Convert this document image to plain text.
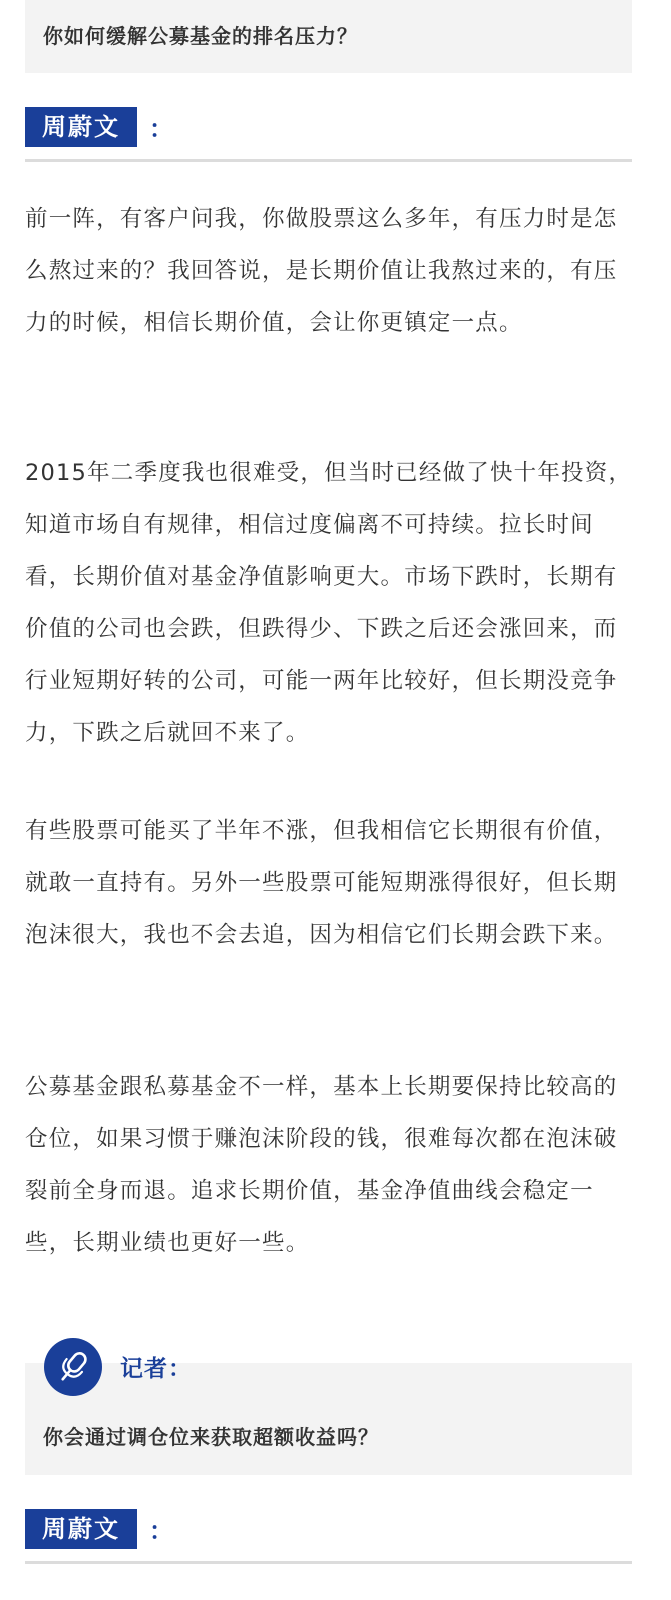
你如何缓解公募基金的排名压力？
周蔚文	：

前一阵，有客户问我，你做股票这么多年，有压力时是怎么熬过来的？我回答说，是长期价值让我熬过来的，有压力的时候，相信长期价值，会让你更镇定一点。

2015年二季度我也很难受，但当时已经做了快十年投资，知道市场自有规律，相信过度偏离不可持续。拉长时间看，长期价值对基金净值影响更大。市场下跌时，长期有价值的公司也会跌，但跌得少、下跌之后还会涨回来，而行业短期好转的公司，可能一两年比较好，但长期没竞争力，下跌之后就回不来了。

有些股票可能买了半年不涨，但我相信它长期很有价值，就敢一直持有。另外一些股票可能短期涨得很好，但长期泡沫很大，我也不会去追，因为相信它们长期会跌下来。

公募基金跟私募基金不一样，基本上长期要保持比较高的仓位，如果习惯于赚泡沫阶段的钱，很难每次都在泡沫破裂前全身而退。追求长期价值，基金净值曲线会稳定一些，长期业绩也更好一些。

你会通过调仓位来获取超额收益吗？
记者：
周蔚文	：
